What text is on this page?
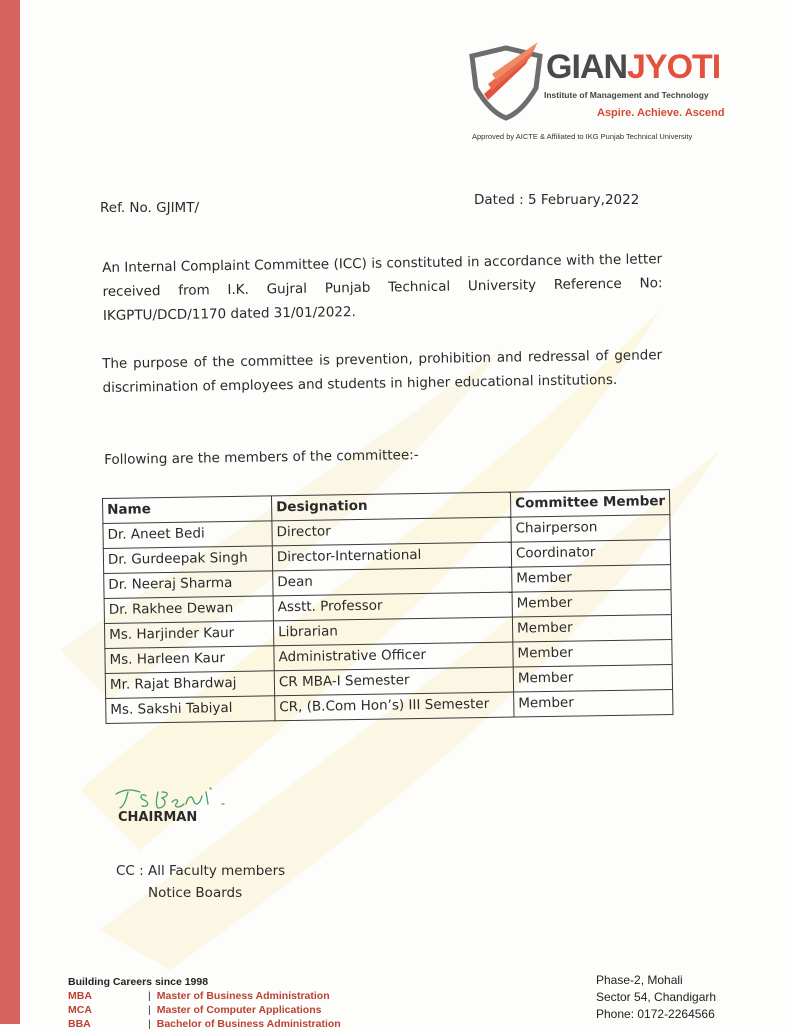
GIANJYOTI
Institute of Management and Technology
Aspire. Achieve. Ascend
Approved by AICTE & Affiliated to IKG Punjab Technical University
Ref. No. GJIMT/	Dated : 5 February,2022
An Internal Complaint Committee (ICC) is constituted in accordance with the letter received from I.K. Gujral Punjab Technical University Reference No: IKGPTU/DCD/1170 dated 31/01/2022.
The purpose of the committee is prevention, prohibition and redressal of gender discrimination of employees and students in higher educational institutions.
Following are the members of the committee:-
Name	Designation	Committee Member
Dr. Aneet Bedi	Director	Chairperson
Dr. Gurdeepak Singh	Director-International	Coordinator
Dr. Neeraj Sharma	Dean	Member
Dr. Rakhee Dewan	Asstt. Professor	Member
Ms. Harjinder Kaur	Librarian	Member
Ms. Harleen Kaur	Administrative Officer	Member
Mr. Rajat Bhardwaj	CR MBA-I Semester	Member
Ms. Sakshi Tabiyal	CR, (B.Com Hon’s) III Semester	Member
CHAIRMAN
CC : All Faculty members
Notice Boards
Building Careers since 1998
MBA	| Master of Business Administration
MCA	| Master of Computer Applications
BBA	| Bachelor of Business Administration
Phase-2, Mohali
Sector 54, Chandigarh
Phone: 0172-2264566
